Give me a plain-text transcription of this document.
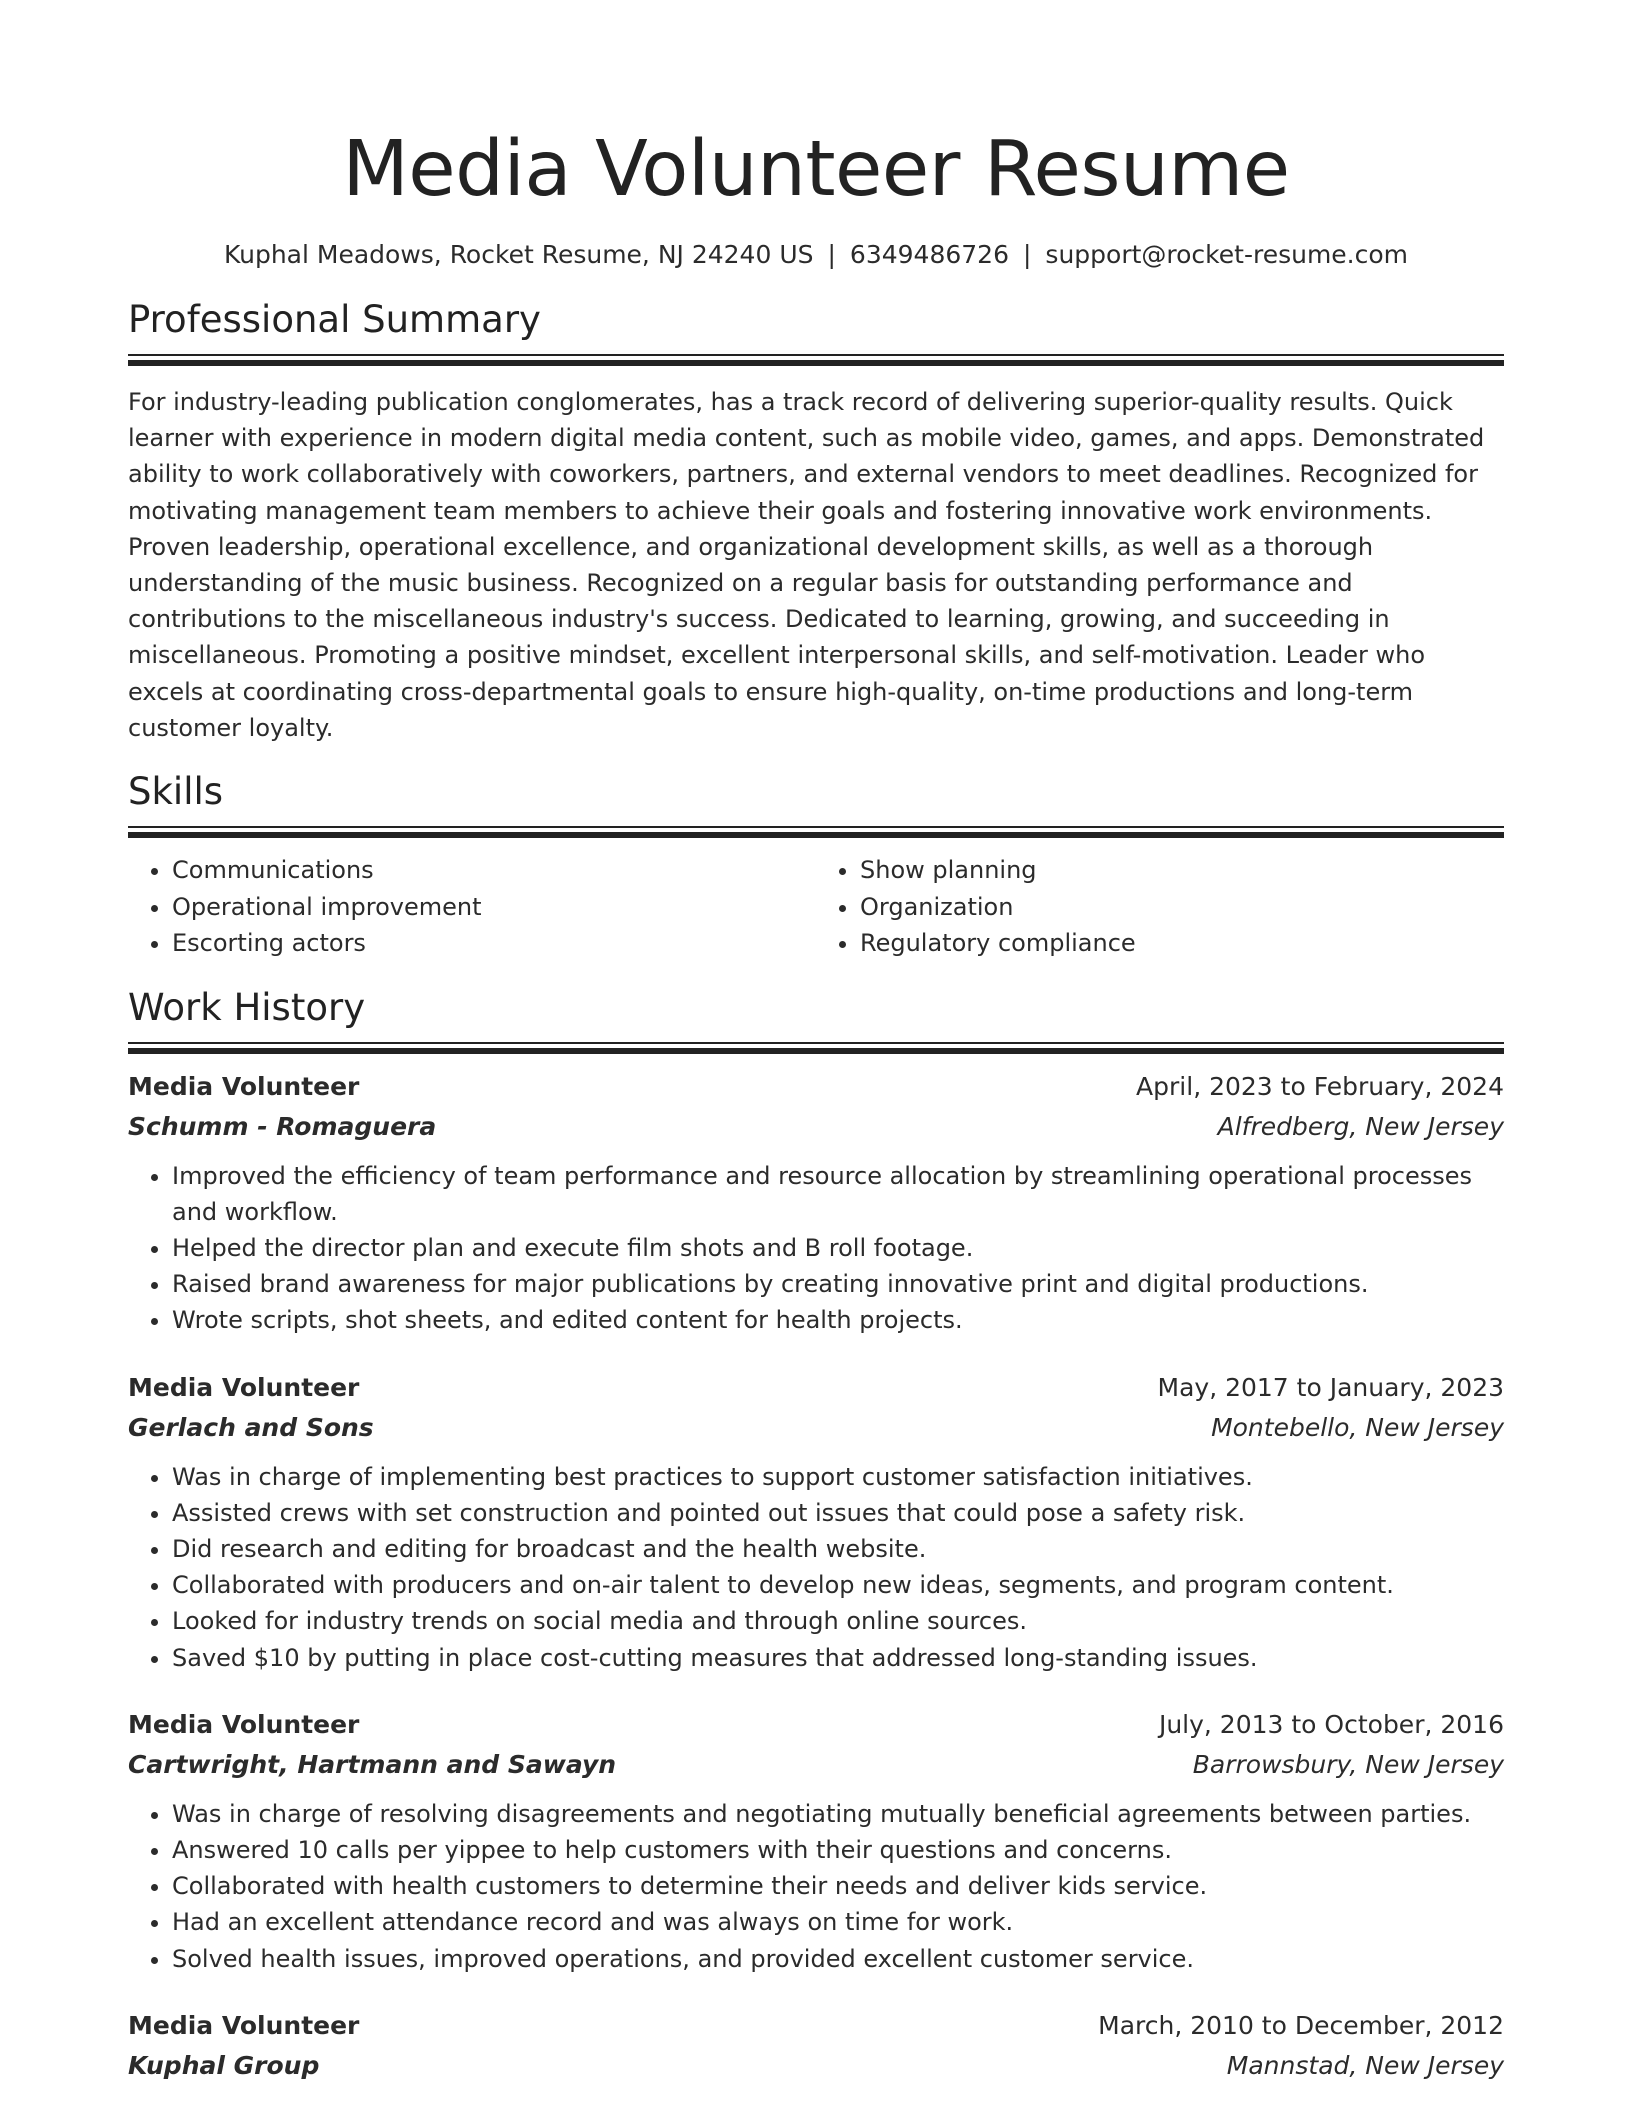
Media Volunteer Resume
Kuphal Meadows, Rocket Resume, NJ 24240 US | 6349486726 | support@rocket-resume.com
Professional Summary

For industry-leading publication conglomerates, has a track record of delivering superior-quality results. Quick learner with experience in modern digital media content, such as mobile video, games, and apps. Demonstrated ability to work collaboratively with coworkers, partners, and external vendors to meet deadlines. Recognized for motivating management team members to achieve their goals and fostering innovative work environments. Proven leadership, operational excellence, and organizational development skills, as well as a thorough understanding of the music business. Recognized on a regular basis for outstanding performance and contributions to the miscellaneous industry's success. Dedicated to learning, growing, and succeeding in miscellaneous. Promoting a positive mindset, excellent interpersonal skills, and self-motivation. Leader who excels at coordinating cross-departmental goals to ensure high-quality, on-time productions and long-term customer loyalty.

Skills
• Communications
• Operational improvement
• Escorting actors
• Show planning
• Organization
• Regulatory compliance
Work History
Media Volunteer	April, 2023 to February, 2024
Schumm - Romaguera	Alfredberg, New Jersey
• Improved the efficiency of team performance and resource allocation by streamlining operational processes and workflow.
• Helped the director plan and execute film shots and B roll footage.
• Raised brand awareness for major publications by creating innovative print and digital productions.
• Wrote scripts, shot sheets, and edited content for health projects.
Media Volunteer	May, 2017 to January, 2023
Gerlach and Sons	Montebello, New Jersey
• Was in charge of implementing best practices to support customer satisfaction initiatives.
• Assisted crews with set construction and pointed out issues that could pose a safety risk.
• Did research and editing for broadcast and the health website.
• Collaborated with producers and on-air talent to develop new ideas, segments, and program content.
• Looked for industry trends on social media and through online sources.
• Saved $10 by putting in place cost-cutting measures that addressed long-standing issues.
Media Volunteer	July, 2013 to October, 2016
Cartwright, Hartmann and Sawayn	Barrowsbury, New Jersey
• Was in charge of resolving disagreements and negotiating mutually beneficial agreements between parties.
• Answered 10 calls per yippee to help customers with their questions and concerns.
• Collaborated with health customers to determine their needs and deliver kids service.
• Had an excellent attendance record and was always on time for work.
• Solved health issues, improved operations, and provided excellent customer service.
Media Volunteer	March, 2010 to December, 2012
Kuphal Group	Mannstad, New Jersey
